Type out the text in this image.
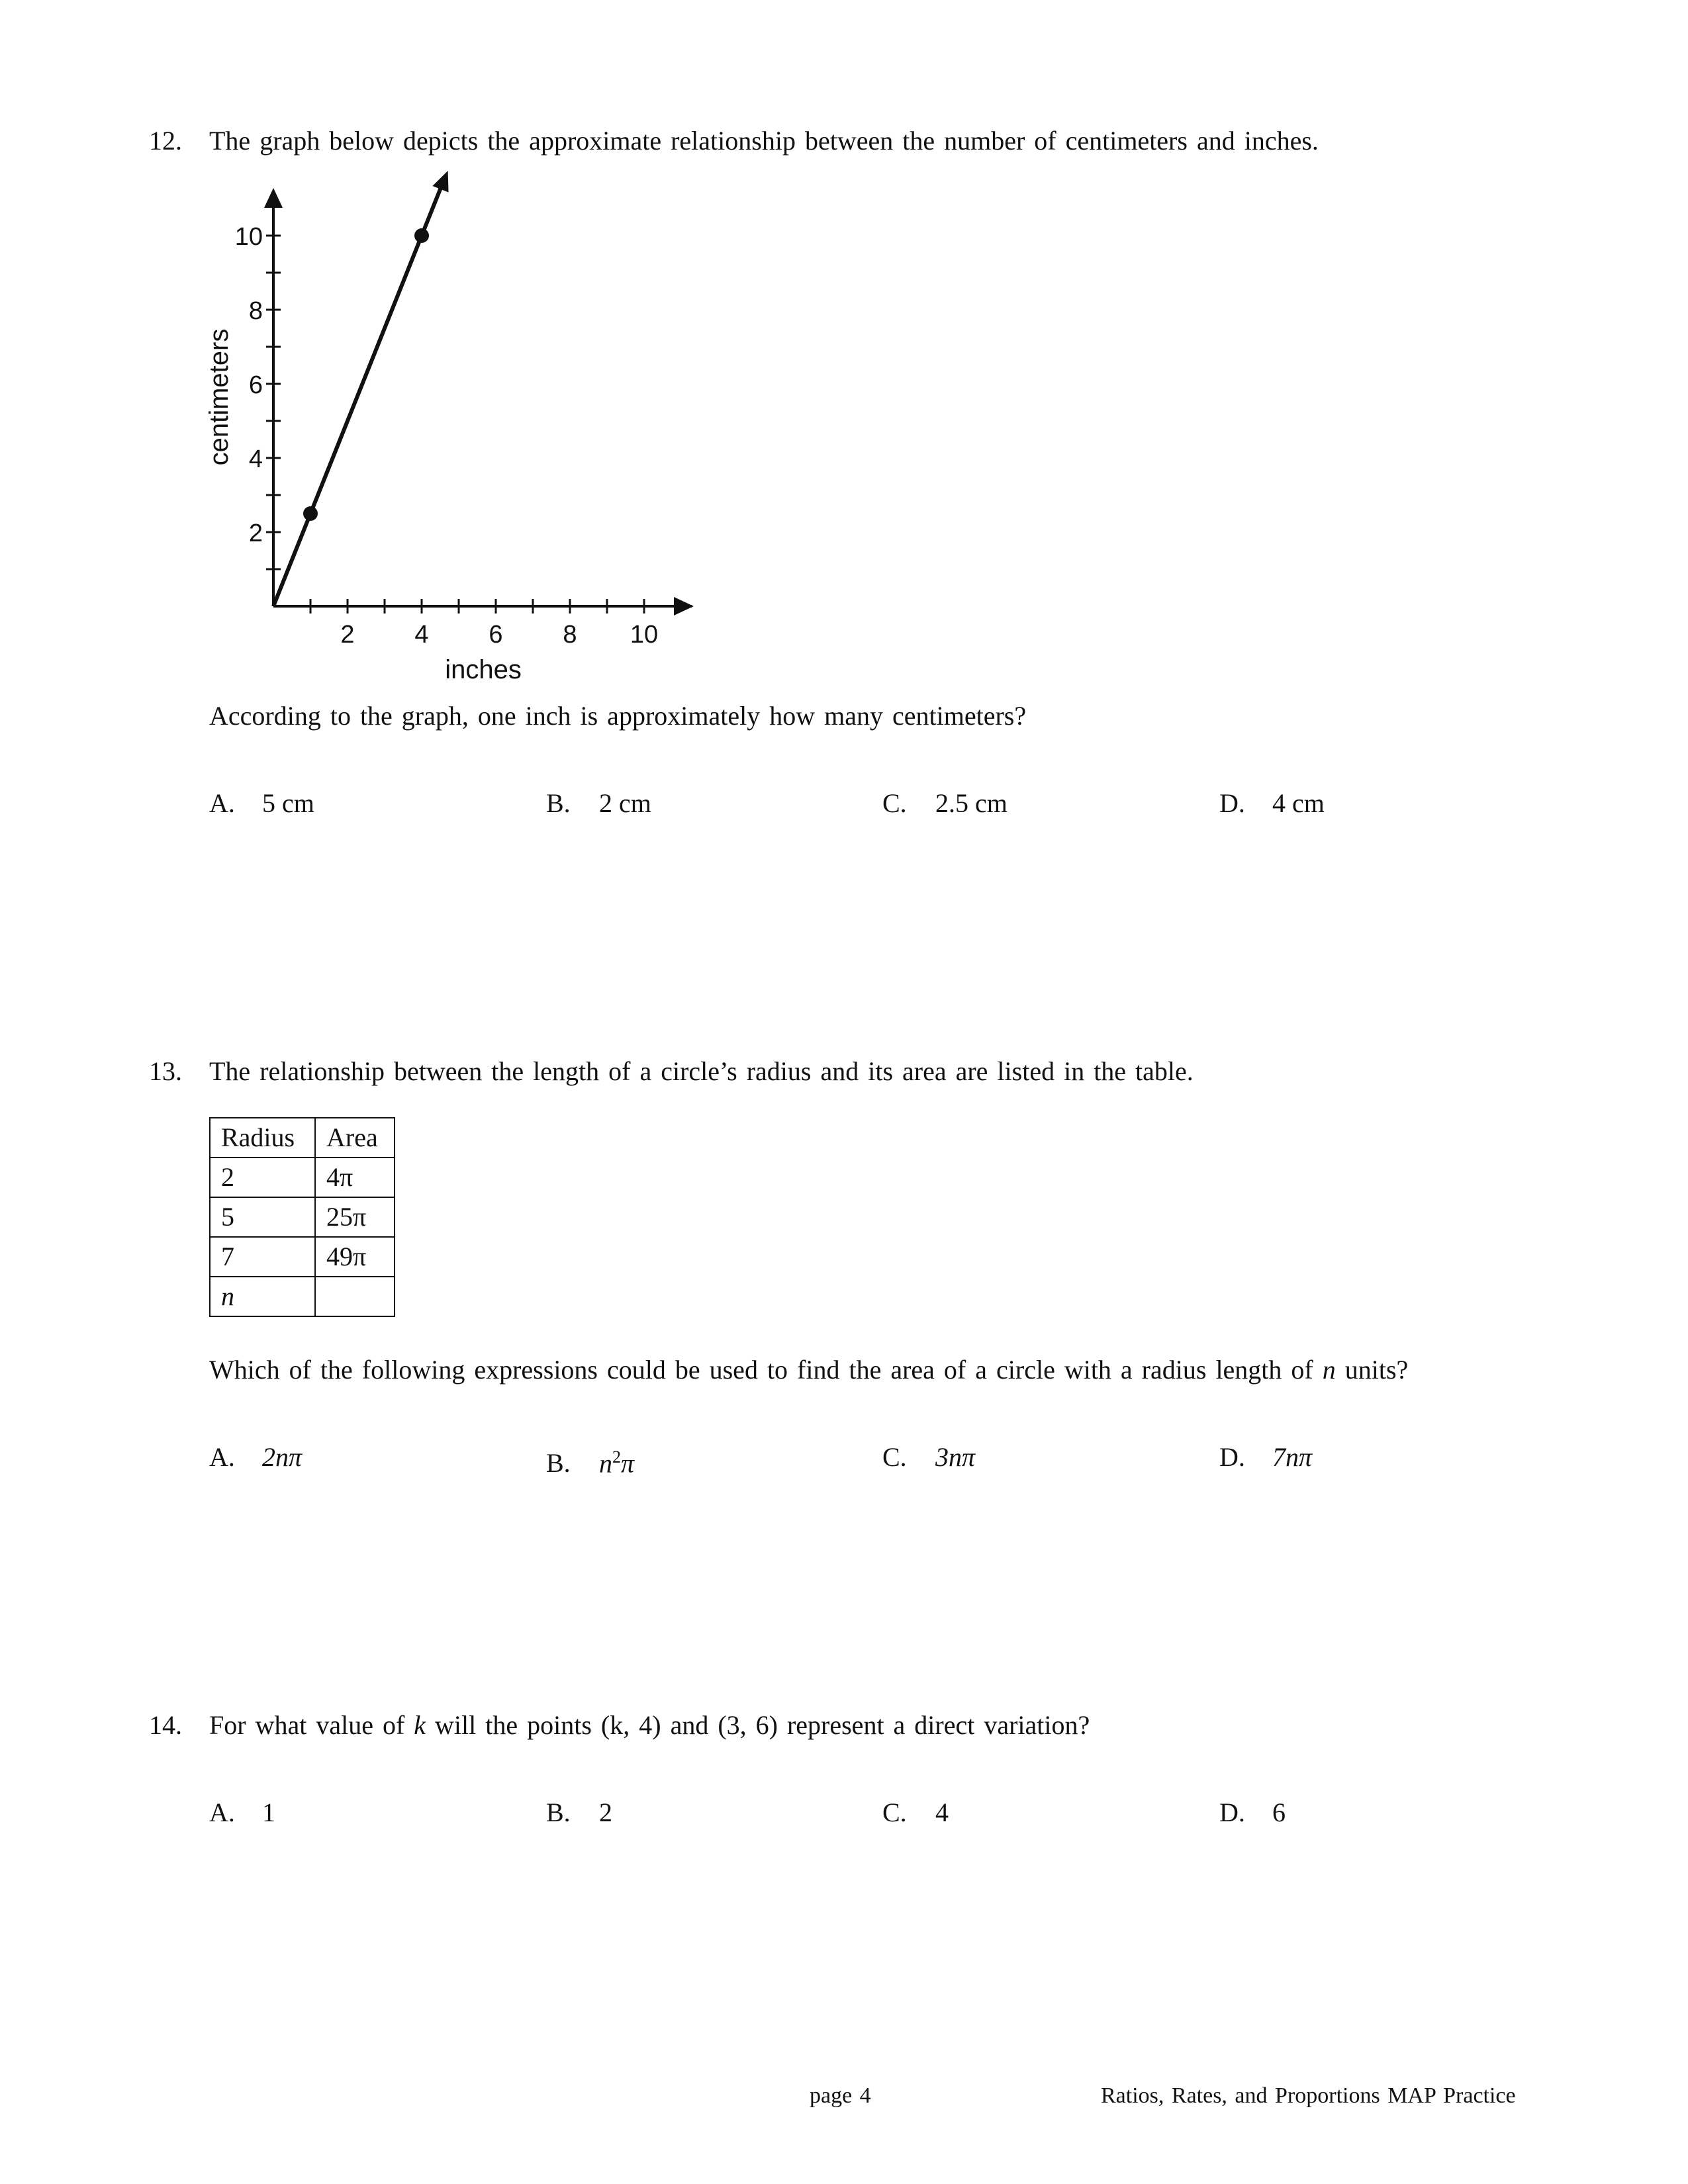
12. The graph below depicts the approximate relationship between the number of centimeters and inches.
2 4 6 8 10
2
4
6
8
10
inches
centimeters
According to the graph, one inch is approximately how many centimeters?
A. 5 cm	B. 2 cm	C. 2.5 cm	D. 4 cm
13. The relationship between the length of a circle’s radius and its area are listed in the table.
Radius	Area
2	4π
5	25π
7	49π
n	
Which of the following expressions could be used to find the area of a circle with a radius length of n units?
A. 2nπ	B. $n^2\pi$	C. 3nπ	D. 7nπ
14. For what value of k will the points (k, 4) and (3, 6) represent a direct variation?
A. 1	B. 2	C. 4	D. 6
page 4	Ratios, Rates, and Proportions MAP Practice
